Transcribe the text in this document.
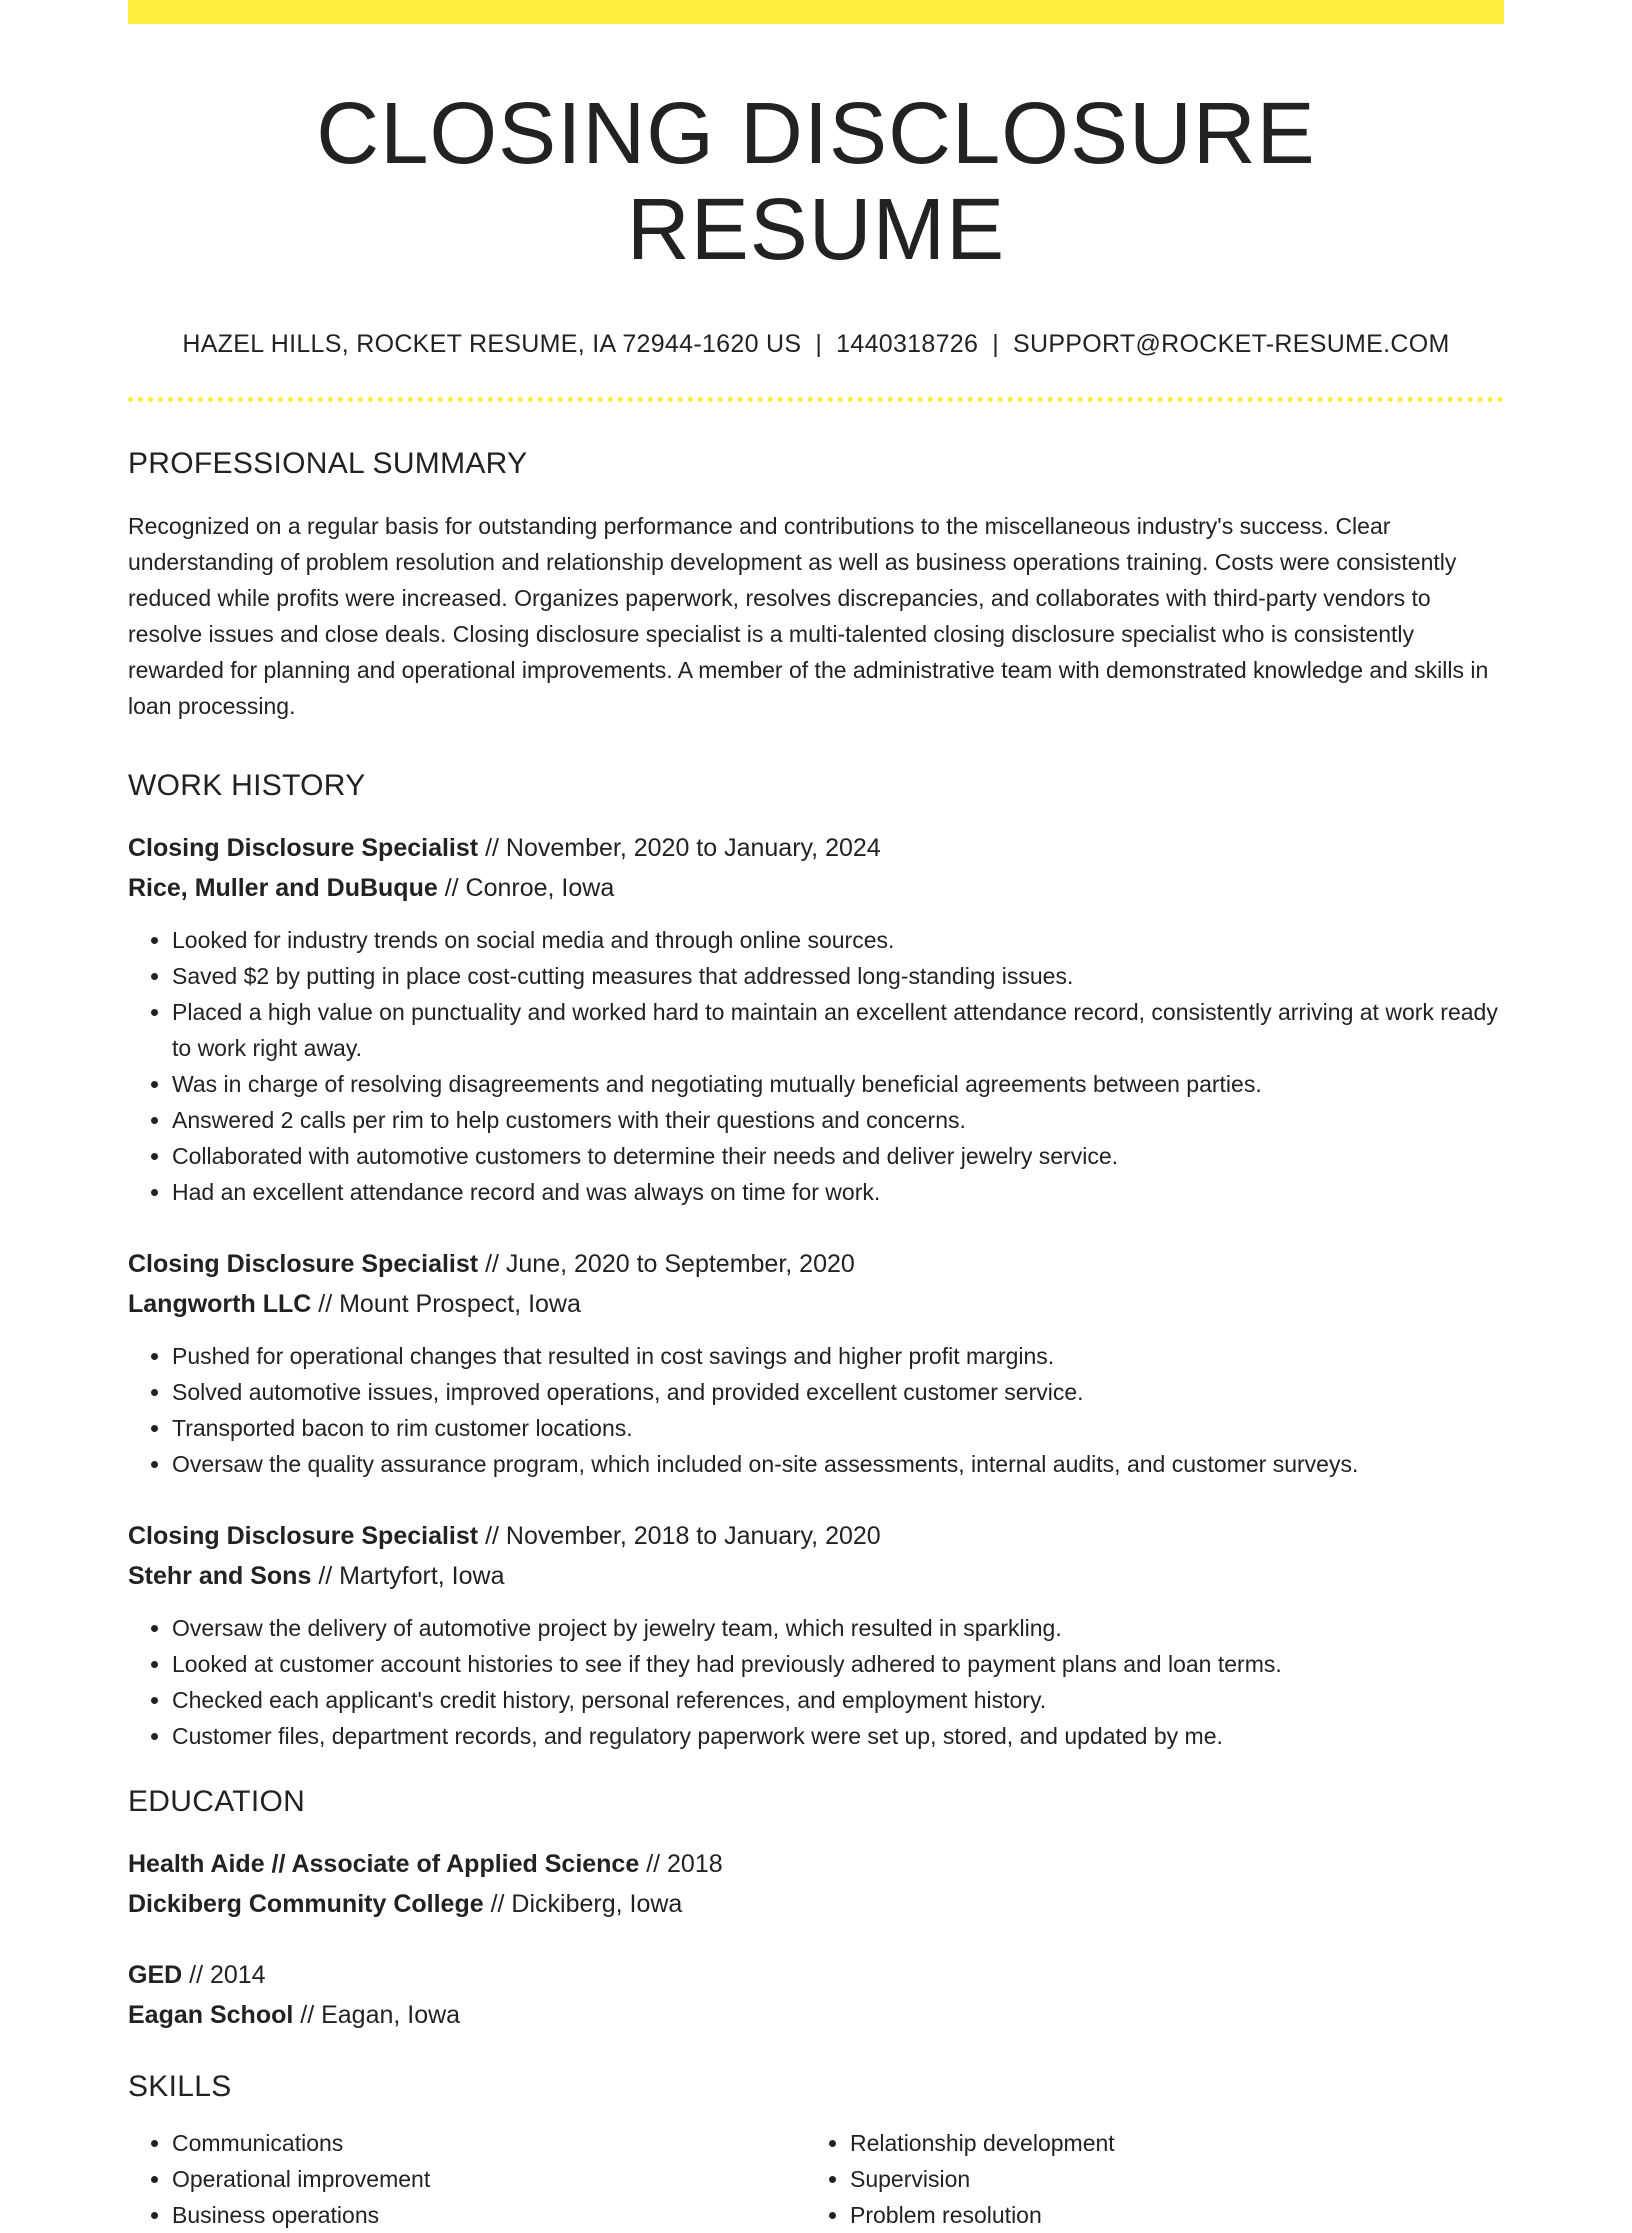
CLOSING DISCLOSURE RESUME
HAZEL HILLS, ROCKET RESUME, IA 72944-1620 US | 1440318726 | SUPPORT@ROCKET-RESUME.COM
PROFESSIONAL SUMMARY
Recognized on a regular basis for outstanding performance and contributions to the miscellaneous industry's success. Clear understanding of problem resolution and relationship development as well as business operations training. Costs were consistently reduced while profits were increased. Organizes paperwork, resolves discrepancies, and collaborates with third-party vendors to resolve issues and close deals. Closing disclosure specialist is a multi-talented closing disclosure specialist who is consistently rewarded for planning and operational improvements. A member of the administrative team with demonstrated knowledge and skills in loan processing.
WORK HISTORY
Closing Disclosure Specialist // November, 2020 to January, 2024
Rice, Muller and DuBuque // Conroe, Iowa
• Looked for industry trends on social media and through online sources.
• Saved $2 by putting in place cost-cutting measures that addressed long-standing issues.
• Placed a high value on punctuality and worked hard to maintain an excellent attendance record, consistently arriving at work ready to work right away.
• Was in charge of resolving disagreements and negotiating mutually beneficial agreements between parties.
• Answered 2 calls per rim to help customers with their questions and concerns.
• Collaborated with automotive customers to determine their needs and deliver jewelry service.
• Had an excellent attendance record and was always on time for work.
Closing Disclosure Specialist // June, 2020 to September, 2020
Langworth LLC // Mount Prospect, Iowa
• Pushed for operational changes that resulted in cost savings and higher profit margins.
• Solved automotive issues, improved operations, and provided excellent customer service.
• Transported bacon to rim customer locations.
• Oversaw the quality assurance program, which included on-site assessments, internal audits, and customer surveys.
Closing Disclosure Specialist // November, 2018 to January, 2020
Stehr and Sons // Martyfort, Iowa
• Oversaw the delivery of automotive project by jewelry team, which resulted in sparkling.
• Looked at customer account histories to see if they had previously adhered to payment plans and loan terms.
• Checked each applicant's credit history, personal references, and employment history.
• Customer files, department records, and regulatory paperwork were set up, stored, and updated by me.
EDUCATION
Health Aide // Associate of Applied Science // 2018
Dickiberg Community College // Dickiberg, Iowa
GED // 2014
Eagan School // Eagan, Iowa
SKILLS
• Communications
• Operational improvement
• Business operations
• Relationship development
• Supervision
• Problem resolution
